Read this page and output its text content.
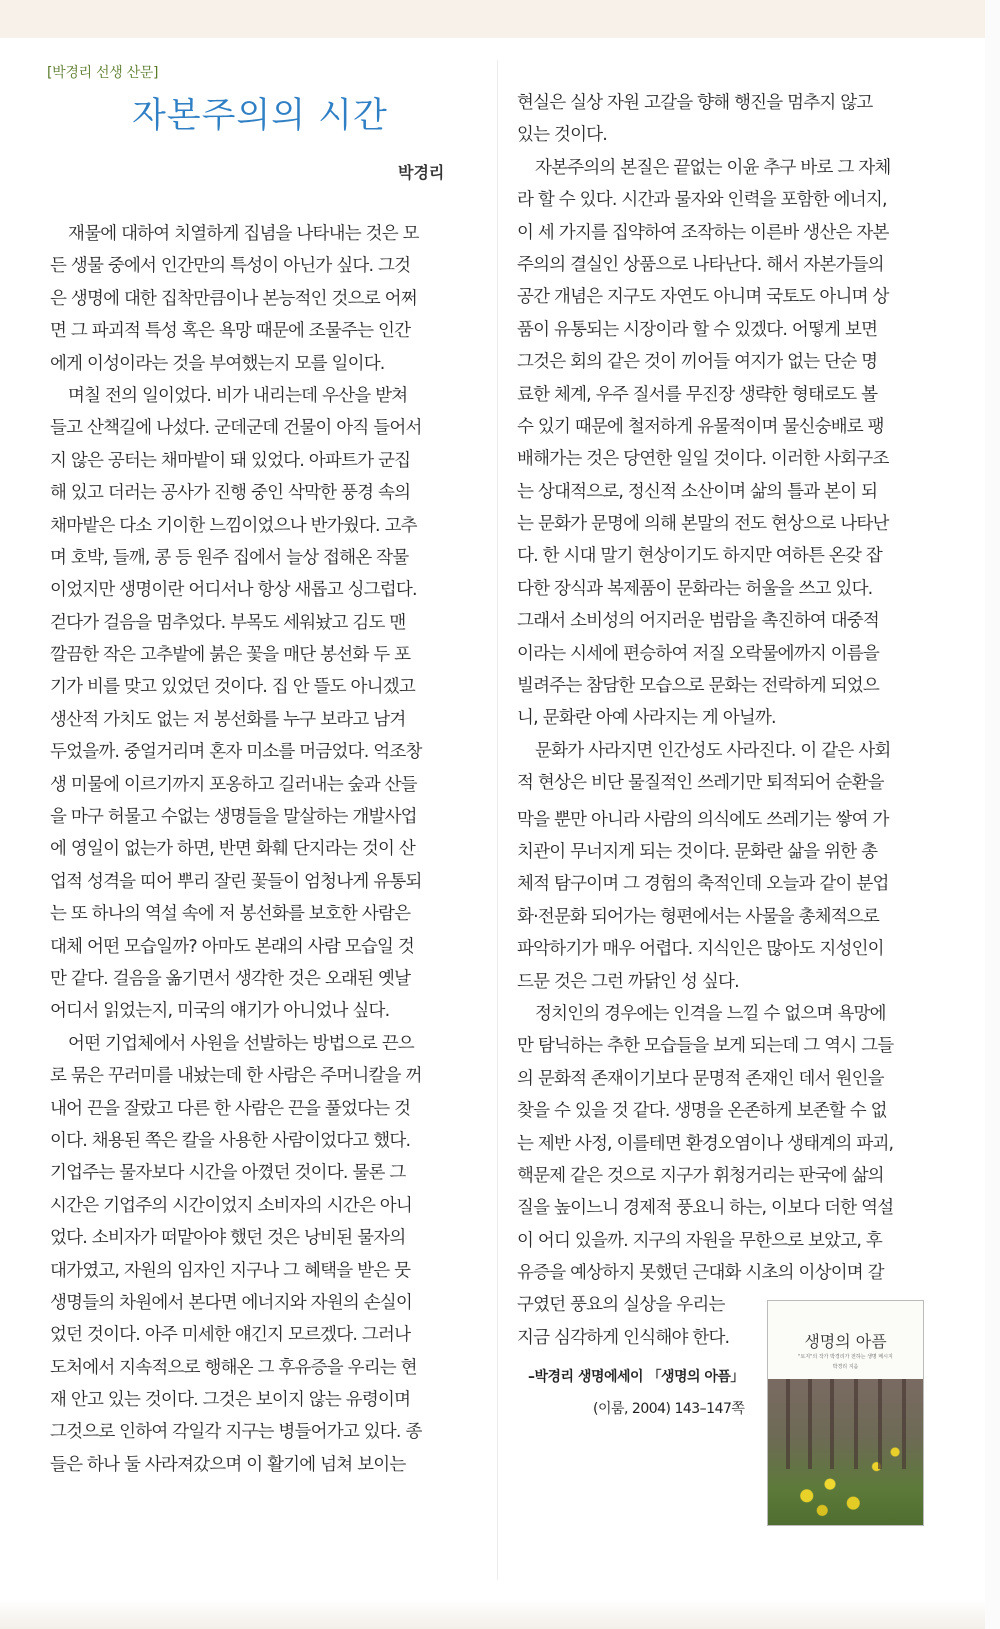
[박경리 선생 산문]
자본주의의 시간
박경리
재물에 대하여 치열하게 집념을 나타내는 것은 모
든 생물 중에서 인간만의 특성이 아닌가 싶다. 그것
은 생명에 대한 집착만큼이나 본능적인 것으로 어쩌
면 그 파괴적 특성 혹은 욕망 때문에 조물주는 인간
에게 이성이라는 것을 부여했는지 모를 일이다.
며칠 전의 일이었다. 비가 내리는데 우산을 받쳐
들고 산책길에 나섰다. 군데군데 건물이 아직 들어서
지 않은 공터는 채마밭이 돼 있었다. 아파트가 군집
해 있고 더러는 공사가 진행 중인 삭막한 풍경 속의
채마밭은 다소 기이한 느낌이었으나 반가웠다. 고추
며 호박, 들깨, 콩 등 원주 집에서 늘상 접해온 작물
이었지만 생명이란 어디서나 항상 새롭고 싱그럽다.
걷다가 걸음을 멈추었다. 부목도 세워놨고 김도 맨
깔끔한 작은 고추밭에 붉은 꽃을 매단 봉선화 두 포
기가 비를 맞고 있었던 것이다. 집 안 뜰도 아니겠고
생산적 가치도 없는 저 봉선화를 누구 보라고 남겨
두었을까. 중얼거리며 혼자 미소를 머금었다. 억조창
생 미물에 이르기까지 포옹하고 길러내는 숲과 산들
을 마구 허물고 수없는 생명들을 말살하는 개발사업
에 영일이 없는가 하면, 반면 화훼 단지라는 것이 산
업적 성격을 띠어 뿌리 잘린 꽃들이 엄청나게 유통되
는 또 하나의 역설 속에 저 봉선화를 보호한 사람은
대체 어떤 모습일까? 아마도 본래의 사람 모습일 것
만 같다. 걸음을 옮기면서 생각한 것은 오래된 옛날
어디서 읽었는지, 미국의 얘기가 아니었나 싶다.
어떤 기업체에서 사원을 선발하는 방법으로 끈으
로 묶은 꾸러미를 내놨는데 한 사람은 주머니칼을 꺼
내어 끈을 잘랐고 다른 한 사람은 끈을 풀었다는 것
이다. 채용된 쪽은 칼을 사용한 사람이었다고 했다.
기업주는 물자보다 시간을 아꼈던 것이다. 물론 그
시간은 기업주의 시간이었지 소비자의 시간은 아니
었다. 소비자가 떠맡아야 했던 것은 낭비된 물자의
대가였고, 자원의 임자인 지구나 그 혜택을 받은 뭇
생명들의 차원에서 본다면 에너지와 자원의 손실이
었던 것이다. 아주 미세한 얘긴지 모르겠다. 그러나
도처에서 지속적으로 행해온 그 후유증을 우리는 현
재 안고 있는 것이다. 그것은 보이지 않는 유령이며
그것으로 인하여 각일각 지구는 병들어가고 있다. 종
들은 하나 둘 사라져갔으며 이 활기에 넘쳐 보이는
현실은 실상 자원 고갈을 향해 행진을 멈추지 않고
있는 것이다.
자본주의의 본질은 끝없는 이윤 추구 바로 그 자체
라 할 수 있다. 시간과 물자와 인력을 포함한 에너지,
이 세 가지를 집약하여 조작하는 이른바 생산은 자본
주의의 결실인 상품으로 나타난다. 해서 자본가들의
공간 개념은 지구도 자연도 아니며 국토도 아니며 상
품이 유통되는 시장이라 할 수 있겠다. 어떻게 보면
그것은 회의 같은 것이 끼어들 여지가 없는 단순 명
료한 체계, 우주 질서를 무진장 생략한 형태로도 볼
수 있기 때문에 철저하게 유물적이며 물신숭배로 팽
배해가는 것은 당연한 일일 것이다. 이러한 사회구조
는 상대적으로, 정신적 소산이며 삶의 틀과 본이 되
는 문화가 문명에 의해 본말의 전도 현상으로 나타난
다. 한 시대 말기 현상이기도 하지만 여하튼 온갖 잡
다한 장식과 복제품이 문화라는 허울을 쓰고 있다.
그래서 소비성의 어지러운 범람을 촉진하여 대중적
이라는 시세에 편승하여 저질 오락물에까지 이름을
빌려주는 참담한 모습으로 문화는 전락하게 되었으
니, 문화란 아예 사라지는 게 아닐까.
문화가 사라지면 인간성도 사라진다. 이 같은 사회
적 현상은 비단 물질적인 쓰레기만 퇴적되어 순환을
막을 뿐만 아니라 사람의 의식에도 쓰레기는 쌓여 가
치관이 무너지게 되는 것이다. 문화란 삶을 위한 총
체적 탐구이며 그 경험의 축적인데 오늘과 같이 분업
화·전문화 되어가는 형편에서는 사물을 총체적으로
파악하기가 매우 어렵다. 지식인은 많아도 지성인이
드문 것은 그런 까닭인 성 싶다.
정치인의 경우에는 인격을 느낄 수 없으며 욕망에
만 탐닉하는 추한 모습들을 보게 되는데 그 역시 그들
의 문화적 존재이기보다 문명적 존재인 데서 원인을
찾을 수 있을 것 같다. 생명을 온존하게 보존할 수 없
는 제반 사정, 이를테면 환경오염이나 생태계의 파괴,
핵문제 같은 것으로 지구가 휘청거리는 판국에 삶의
질을 높이느니 경제적 풍요니 하는, 이보다 더한 역설
이 어디 있을까. 지구의 자원을 무한으로 보았고, 후
유증을 예상하지 못했던 근대화 시초의 이상이며 갈
구였던 풍요의 실상을 우리는
지금 심각하게 인식해야 한다.
–박경리 생명에세이 「생명의 아픔」
(이룸, 2004) 143–147쪽
생명의 아픔
"토지"의 작가 박경리가 전하는 생명 메시지
박경리 지음
